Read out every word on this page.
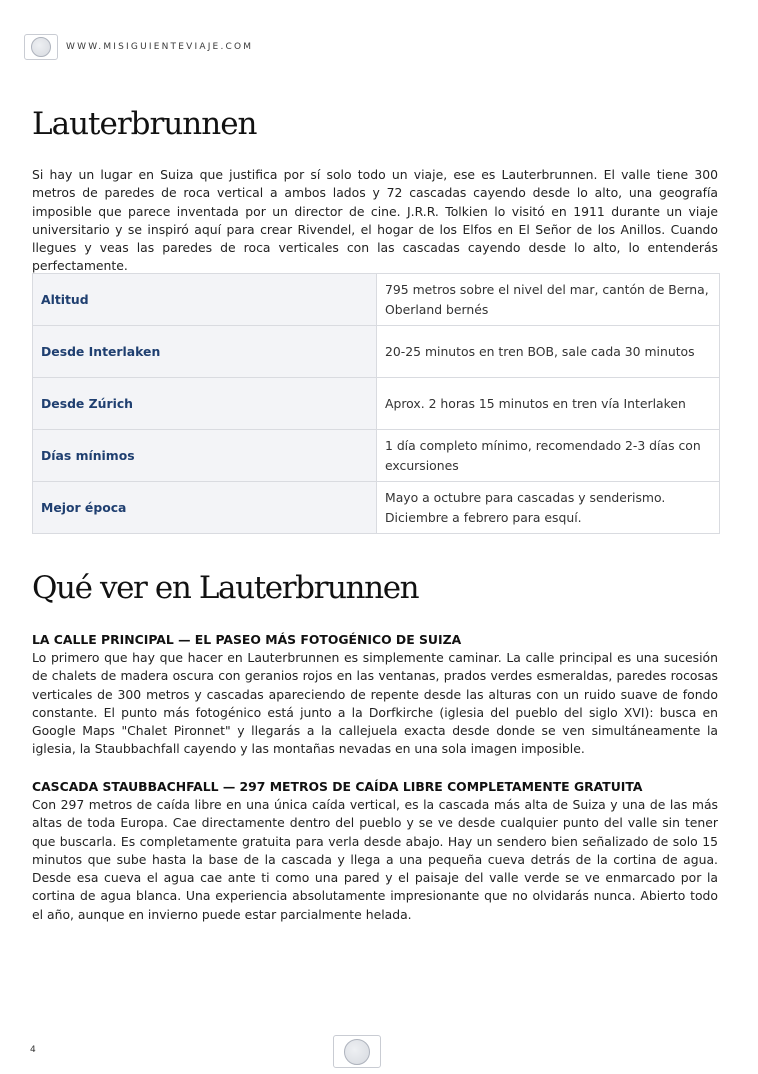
WWW.MISIGUIENTEVIAJE.COM
Lauterbrunnen

Si hay un lugar en Suiza que justifica por sí solo todo un viaje, ese es Lauterbrunnen. El valle tiene 300 metros de paredes de roca vertical a ambos lados y 72 cascadas cayendo desde lo alto, una geografía imposible que parece inventada por un director de cine. J.R.R. Tolkien lo visitó en 1911 durante un viaje universitario y se inspiró aquí para crear Rivendel, el hogar de los Elfos en El Señor de los Anillos. Cuando llegues y veas las paredes de roca verticales con las cascadas cayendo desde lo alto, lo entenderás perfectamente.

Altitud	795 metros sobre el nivel del mar, cantón de Berna, Oberland bernés
Desde Interlaken	20-25 minutos en tren BOB, sale cada 30 minutos
Desde Zúrich	Aprox. 2 horas 15 minutos en tren vía Interlaken
Días mínimos	1 día completo mínimo, recomendado 2-3 días con excursiones
Mejor época	Mayo a octubre para cascadas y senderismo. Diciembre a febrero para esquí.
Qué ver en Lauterbrunnen
LA CALLE PRINCIPAL — EL PASEO MÁS FOTOGÉNICO DE SUIZA

Lo primero que hay que hacer en Lauterbrunnen es simplemente caminar. La calle principal es una sucesión de chalets de madera oscura con geranios rojos en las ventanas, prados verdes esmeraldas, paredes rocosas verticales de 300 metros y cascadas apareciendo de repente desde las alturas con un ruido suave de fondo constante. El punto más fotogénico está junto a la Dorfkirche (iglesia del pueblo del siglo XVI): busca en Google Maps "Chalet Pironnet" y llegarás a la callejuela exacta desde donde se ven simultáneamente la iglesia, la Staubbachfall cayendo y las montañas nevadas en una sola imagen imposible.

CASCADA STAUBBACHFALL — 297 METROS DE CAÍDA LIBRE COMPLETAMENTE GRATUITA

Con 297 metros de caída libre en una única caída vertical, es la cascada más alta de Suiza y una de las más altas de toda Europa. Cae directamente dentro del pueblo y se ve desde cualquier punto del valle sin tener que buscarla. Es completamente gratuita para verla desde abajo. Hay un sendero bien señalizado de solo 15 minutos que sube hasta la base de la cascada y llega a una pequeña cueva detrás de la cortina de agua. Desde esa cueva el agua cae ante ti como una pared y el paisaje del valle verde se ve enmarcado por la cortina de agua blanca. Una experiencia absolutamente impresionante que no olvidarás nunca. Abierto todo el año, aunque en invierno puede estar parcialmente helada.

4
